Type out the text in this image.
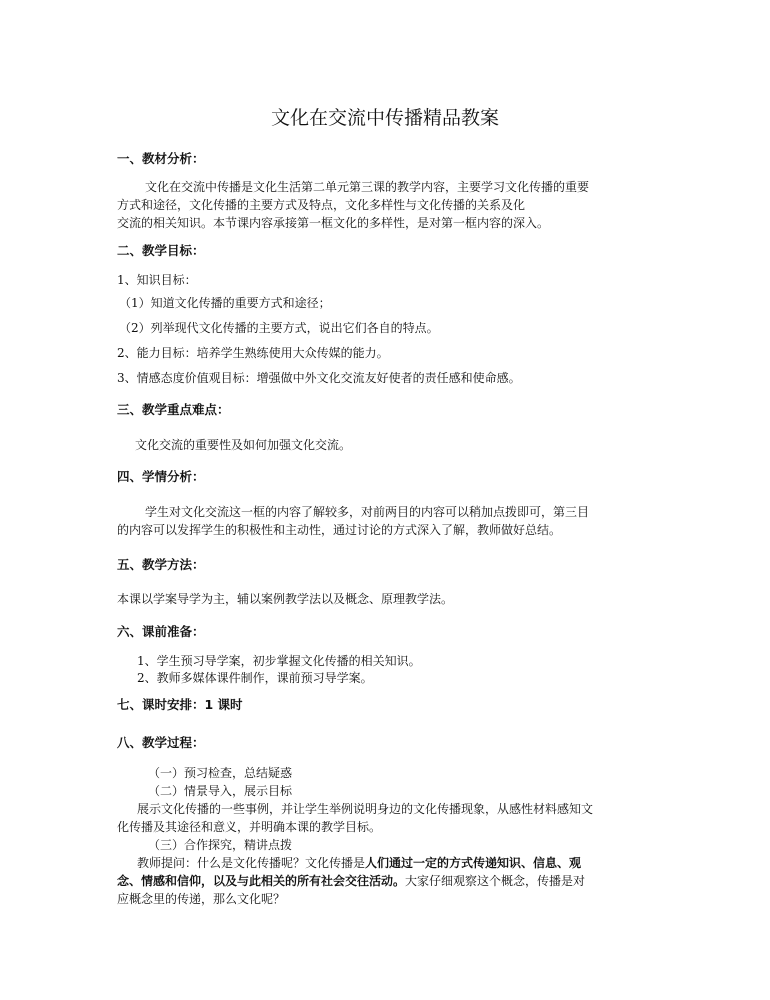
文化在交流中传播精品教案
一、教材分析：
文化在交流中传播是文化生活第二单元第三课的教学内容，主要学习文化传播的重要
方式和途径，文化传播的主要方式及特点，文化多样性与文化传播的关系及化
交流的相关知识。本节课内容承接第一框文化的多样性，是对第一框内容的深入。
二、教学目标：
1、知识目标：
（1）知道文化传播的重要方式和途径；
（2）列举现代文化传播的主要方式，说出它们各自的特点。
2、能力目标：培养学生熟练使用大众传媒的能力。
3、情感态度价值观目标：增强做中外文化交流友好使者的责任感和使命感。
三、教学重点难点：
文化交流的重要性及如何加强文化交流。
四、学情分析：
学生对文化交流这一框的内容了解较多，对前两目的内容可以稍加点拨即可，第三目
的内容可以发挥学生的积极性和主动性，通过讨论的方式深入了解，教师做好总结。
五、教学方法：
本课以学案导学为主，辅以案例教学法以及概念、原理教学法。
六、课前准备：
1、学生预习导学案，初步掌握文化传播的相关知识。
2、教师多媒体课件制作，课前预习导学案。
七、课时安排：1 课时
八、教学过程：
（一）预习检查，总结疑惑
（二）情景导入，展示目标
展示文化传播的一些事例，并让学生举例说明身边的文化传播现象，从感性材料感知文
化传播及其途径和意义，并明确本课的教学目标。
（三）合作探究，精讲点拨
教师提问：什么是文化传播呢？文化传播是人们通过一定的方式传递知识、信息、观
念、情感和信仰，以及与此相关的所有社会交往活动。大家仔细观察这个概念，传播是对
应概念里的传递，那么文化呢？
